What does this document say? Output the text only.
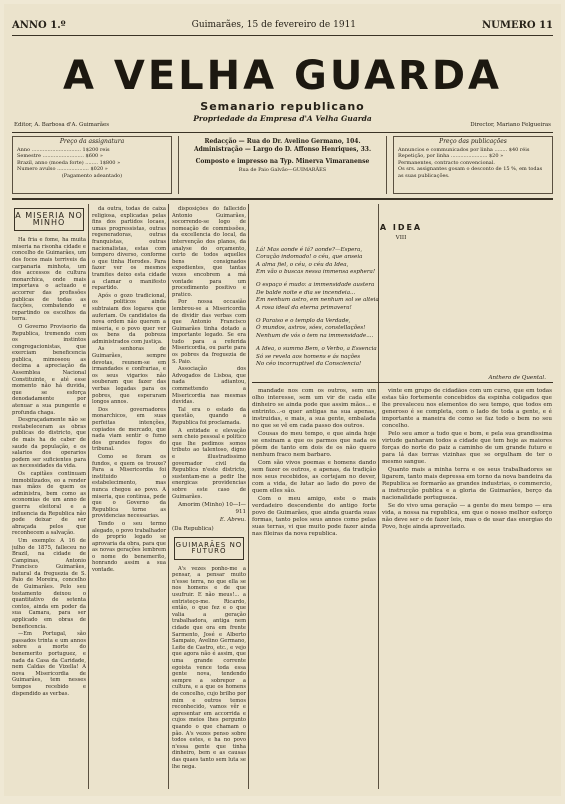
ANNO 1.º	Guimarães, 15 de fevereiro de 1911	NUMERO 11
A VELHA GUARDA
Semanario republicano
Propriedade da Empresa d'A Velha Guarda
Editor, A. Barbosa d'A. Guimarães	Director, Mariano Felgueiras
Preço da assignatura
Anno ............................... 1$200 reis
Semestre .......................... $600 »
Brazil, anno (moeda forte) ........ 1$800 »
Numero avulso .................... $020 »
(Pagamento adeantado)
Redacção — Rua do Dr. Avelino Germano, 104.
Administração — Largo do D. Affonso Henriques, 33.
Composto e impresso na Typ. Minerva Vimaranense
Rua de Paio Galvão—GUIMARÃES
Preço das publicações
Annuncios e communicados por linha ........ $40 réis
Repetição, por linha ....................... $20 »
Permanentes, contracto convencional.
Os srs. assignantes gosam o desconto de 15 %, em todas as suas publicações.
A MISERIA NO MINHO

Ha fria e fome, ha muita miseria na risonha cidade e concelho de Guimarães, um dos focos mais terriveis da carpanaria minhota, um dos accessos de cultura monarchica, onde mais importava o actuado e accorrer das profissões publicas de todas as facções, combatendo e repartindo os escolhos da terra.

O Governo Provisorio da Republica, tremendo com os instintos congregacionistas, que exerciam beneficencia publica, mimoseou as decima a apreciação da Assemblea Nacional Constituinte, e até esse momento não há duvida, que se esforça denodadamente por atenuar a sua pungente e profunda chaga.

Desgraçadamente não se restabeleceram as obras publicas do districto, que de mais ha de caber de saude da população, e os salarios dos operarios podem ser suficientes para as necessidades da vida.

Os capitães continuam immobilizados, eo a render nas mãos de quem os administra, bem como as economias de um anno de guerra eleitoral e a influencia da Republica não pode deixar de ser abraçada pelos que reconhecem a salvação.

Um exemplo: A 16 de julho de 1875, falleceu no Brazil, na cidade de Campinas, Antonio Francisco Guimarães, natural da freguezia de S. Paio de Moreira, concelho de Guimarães. Pelo seu testamento deixou o quantitativo de setenta contos, ainda em poder da sua Camara, para ser applicado em obras de beneficencia.

—Em Portugal, são passados trinta e um annos sobre a morte do benemerito portuguez, e nada da Casa da Caridade, nem Caldas de Vizella! A nova Misericordia de Guimarães, tem nesses tempos recebido e dispendido as verbas.

da outra, todas de caixa religiosa, explicadas pelas fins dos partidos locaes, umas progressistas, outras regeneradoras, outras franquistas, outras nacionalistas, estas com tempero diverso, conforme o que tinha Herodes. Para fazer ver os mesmos tramites deixo esta cidade a clamar o manifesto repartido.

Após o gozo tradicional, os politicos ainda subtraiam dos logares que auferiam. Os candidatos da nova ordem não querem a miseria, e o povo quer ver os bens da pobreza administrados com justiça.

As senhoras de Guimarães, sempre devotas, reunem-se em irmandades e confrarias, e os seus vigarios não souberam que fazer das verbas legadas para os pobres, que esperaram longos annos.

Dos governadores monarchicos, em suas perfeitas intenções, copiados de mercado, que nada viam sentir o fumo dos grandes fogos do tribunal.

Como se foram os fundos, e quem os trouxe? Para a Misericordia foi instituido o estabelecimento, mas nunca chegou ao povo. A miseria, que continua, pede que o Governo da Republica torne as providencias necessarias.

Tendo o seu termo alegado, o povo trabalhador do proprio legado se aprovaria da obra, para que as novas gerações lembrem o nome do benemerito, honrando assim a sua vontade.

disposições do fallecido Antonio Guimarães, socorrendo-se logo de nomeação de commissões, da excellencia do local, da intervenção dos planos, da analyse do orçamento, certo de todos aquelles bens consignados expedientes, que tantas vezes encobrem a má vontade para um procedimento positivo e pratico.

Por nossa occasião lembrou-se a Misericordia de dividir das verbas com que Antonio Francisco Guimarães tinha dotado a importante legado. Se era tudo para a referida Misericordia, ou parte para os pobres da freguezia de S. Paio.

Associação dos Advogados de Lisboa, que nada adiantou, commettendo a Misericordia nas mesmas duvidas.

Tal era o estado da questão, quando a Republica foi proclamada.

A entidade e elevação sem cheio pessoal e politico que lhe pedimos somos tributo ao talentoso, digno e illustradissimo governador civil da Republica n'este districto, sustentam-me a pedir lhe energicas providencias sobre este caso de Guimarães.

Amorim (Minho) 10—I—911
E. Abreu.
(Da Republica)
GUIMARÃES NO FUTURO

A's vezes ponho-me a pensar, a pensar muito n'esse terra, no que ella se nos homens e de que usufruir. E não meus!... a entristeço-me. Ricardo, então, o que fez e o que valia a geração trabalhadora, antiga nem cidade que ora em frente Sarmento, José e Alberto Sampaio, Avelino Germano, Leite de Castro, etc., e vejo que agora não é assim, que uma grande corrente egoista vence toda essa gente nova, tendendo sempre a sobrepor a cultura, e a que os homens de concelho, cujo brilho por mim e outros temos reconhecido, vamos vêr e apresentar em accorrida e cujos meios lhes pergunto quando o que chamam o pão. A's vezes penso sobre todos estes, e ha no povo n'essa gente que tinha dinheiro, bem e as causas das quaes tanto sem luta se lhe nega.

A IDEA
VIII
Lá! Mas aonde é lá? aonde?—Espera,
Coração indomado! o céu, que anseia
A alma fiel, o céu, o céu da Idea,
Em vão o buscas nessa immensa esphera!
O espaço é mudo: a immensidade austera
De balde noite e dia se incendeia...
Em nenhum astro, em nenhum sol se alteia
A rosa ideal da eterna primavera!
O Paraiso e o templo da Verdade,
Ó mundos, astros, sóes, constellações!
Nenhum de vós o tem na immensidade....
A Idea, o summo Bem, o Verbo, a Essencia
Só se revela aos homens e ás nações
No céo incorruptivel da Consciencia!
Anthero de Quental.

mandade nos com os outros, sem um olho interesse, sem um vir de cada elle dinheiro se ainda pode que assim mãos... e entrinto...-o quer antigas na sua apenas, instruidas, e mais, a sua gente, embalada no que se vê em cada passo dos outros.

Cousas do meu tempo, e que ainda hoje se ensinam a que os parmos que nada os põem de tanto em dois de os não quero nenhum fraco nem barbaro.

Com são vivos poemas e homens dando sem fazer os outros, e apenas, da tradição nos seus recebidos, as cortejam no dever, com a vida, de lutar ao lado do povo de quem elles são.

Com o meu amigo, este o mais verdadeiro descendente do antigo forte povo de Guimarães, que ainda guarda suas formas, tanto pelos seus annos como pelas suas terras, vi que muito pode fazer ainda nas fileiras da nova republica.

vinte em grupo de cidadãos com um curso, que em todas estas tão fortemente concebidos da espinha coligados que lhe prevaleceu nos elementos do seu tempo, que todos em generoso é se completa, com o lado de toda a gente, e é importante a maneira de como se faz todo o bem no seu concelho.

Pelo seu amor a tudo que e bom, e pela sua grandissima virtude ganharam todos a cidade que tem hoje as maiores forças do norte do paiz a caminho de um grande futuro e para lá das terras vizinhas que se orgulham de ter o mesmo sangue.

Quanto mais a minha terra e os seus trabalhadores se ligarem, tanto mais depressa em torno da nova bandeira da Republica se formarão as grandes industrias, o commercio, a instrucção publica e a gloria de Guimarães, berço da nacionalidade portugueza.

Se do vivo uma geração — a gente do meu tempo — era vida, a nossa na republica, em que o nosso melhor esforço não deve ser o de fazer leis, mas o de usar das energias do Povo, hoje ainda aproveitado.
